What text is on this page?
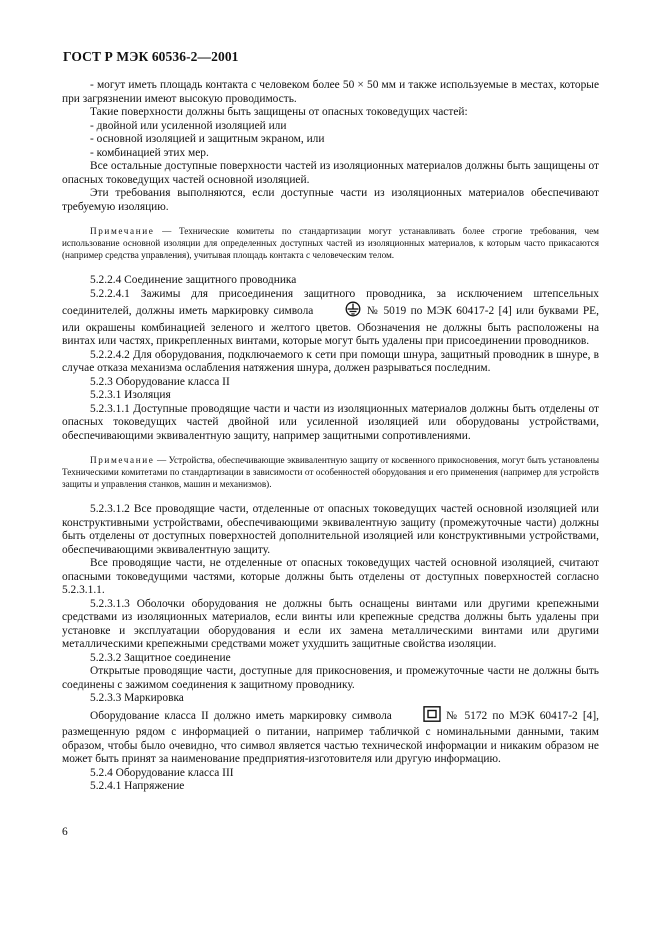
ГОСТ Р МЭК 60536-2—2001

- могут иметь площадь контакта с человеком более 50 × 50 мм и также используемые в местах, которые при загрязнении имеют высокую проводимость.

Такие поверхности должны быть защищены от опасных токоведущих частей:

- двойной или усиленной изоляцией или

- основной изоляцией и защитным экраном, или

- комбинацией этих мер.

Все остальные доступные поверхности частей из изоляционных материалов должны быть защищены от опасных токоведущих частей основной изоляцией.

Эти требования выполняются, если доступные части из изоляционных материалов обеспечивают требуемую изоляцию.

Примечание — Технические комитеты по стандартизации могут устанавливать более строгие требования, чем использование основной изоляции для определенных доступных частей из изоляционных материалов, к которым часто прикасаются (например средства управления), учитывая площадь контакта с человеческим телом.

5.2.2.4 Соединение защитного проводника

5.2.2.4.1 Зажимы для присоединения защитного проводника, за исключением штепсельных соединителей, должны иметь маркировку символа	№ 5019 по МЭК 60417-2 [4] или буквами PE, или окрашены комбинацией зеленого и желтого цветов. Обозначения не должны быть расположены на винтах или частях, прикрепленных винтами, которые могут быть удалены при присоединении проводников.

5.2.2.4.2 Для оборудования, подключаемого к сети при помощи шнура, защитный проводник в шнуре, в случае отказа механизма ослабления натяжения шнура, должен разрываться последним.

5.2.3 Оборудование класса II

5.2.3.1 Изоляция

5.2.3.1.1 Доступные проводящие части и части из изоляционных материалов должны быть отделены от опасных токоведущих частей двойной или усиленной изоляцией или оборудованы устройствами, обеспечивающими эквивалентную защиту, например защитными сопротивлениями.

Примечание — Устройства, обеспечивающие эквивалентную защиту от косвенного прикосновения, могут быть установлены Техническими комитетами по стандартизации в зависимости от особенностей оборудования и его применения (например для устройств защиты и управления станков, машин и механизмов).

5.2.3.1.2 Все проводящие части, отделенные от опасных токоведущих частей основной изоляцией или конструктивными устройствами, обеспечивающими эквивалентную защиту (промежуточные части) должны быть отделены от доступных поверхностей дополнительной изоляцией или конструктивными устройствами, обеспечивающими эквивалентную защиту.

Все проводящие части, не отделенные от опасных токоведущих частей основной изоляцией, считают опасными токоведущими частями, которые должны быть отделены от доступных поверхностей согласно 5.2.3.1.1.

5.2.3.1.3 Оболочки оборудования не должны быть оснащены винтами или другими крепежными средствами из изоляционных материалов, если винты или крепежные средства должны быть удалены при установке и эксплуатации оборудования и если их замена металлическими винтами или другими металлическими крепежными средствами может ухудшить защитные свойства изоляции.

5.2.3.2 Защитное соединение

Открытые проводящие части, доступные для прикосновения, и промежуточные части не должны быть соединены с зажимом соединения к защитному проводнику.

5.2.3.3 Маркировка

Оборудование класса II должно иметь маркировку символа	№ 5172 по МЭК 60417-2 [4], размещенную рядом с информацией о питании, например табличкой с номинальными данными, таким образом, чтобы было очевидно, что символ является частью технической информации и никаким образом не может быть принят за наименование предприятия-изготовителя или другую информацию.

5.2.4 Оборудование класса III

5.2.4.1 Напряжение

6
